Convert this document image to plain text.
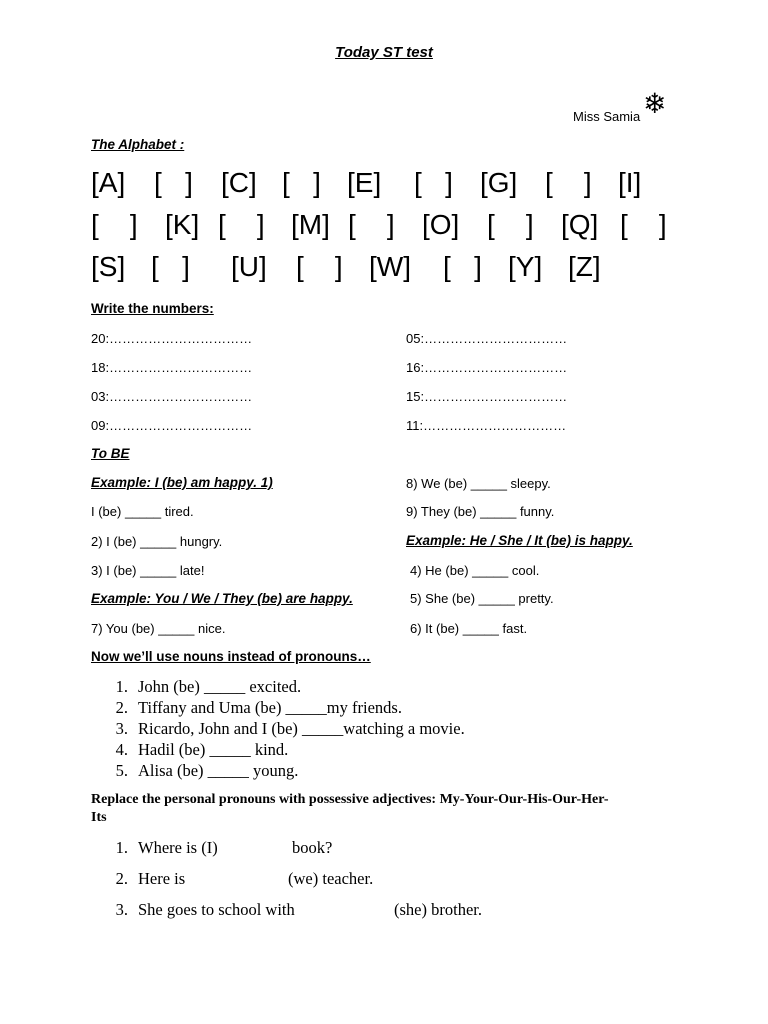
Today ST test
Miss Samia ❄
The Alphabet :
[A] [   ] [C] [   ] [E] [   ] [G] [    ] [I]
[    ] [K] [    ] [M] [    ] [O] [    ] [Q] [    ]
[S] [   ] [U] [    ] [W] [   ] [Y] [Z]
Write the numbers:
20:……………………………
18:……………………………
03:……………………………
09:……………………………
05:……………………………
16:……………………………
15:……………………………
11:……………………………
To BE
Example: I (be) am happy. 1)
I (be) _____ tired.
2) I (be) _____ hungry.
3) I (be) _____ late!
Example: You / We / They (be) are happy.
7) You (be) _____ nice.
8) We (be) _____ sleepy.
9) They (be) _____ funny.
Example: He / She / It (be) is happy.
4) He (be) _____ cool.
5) She (be) _____ pretty.
6) It (be) _____ fast.
Now we’ll use nouns instead of pronouns…
1. John (be) _____ excited.
2. Tiffany and Uma (be) _____my friends.
3. Ricardo, John and I (be) _____watching a movie.
4. Hadil (be) _____ kind.
5. Alisa (be) _____ young.
Replace the personal pronouns with possessive adjectives: My-Your-Our-His-Our-Her-
Its
1. Where is (I)	book?
2. Here is	(we) teacher.
3. She goes to school with	(she) brother.
